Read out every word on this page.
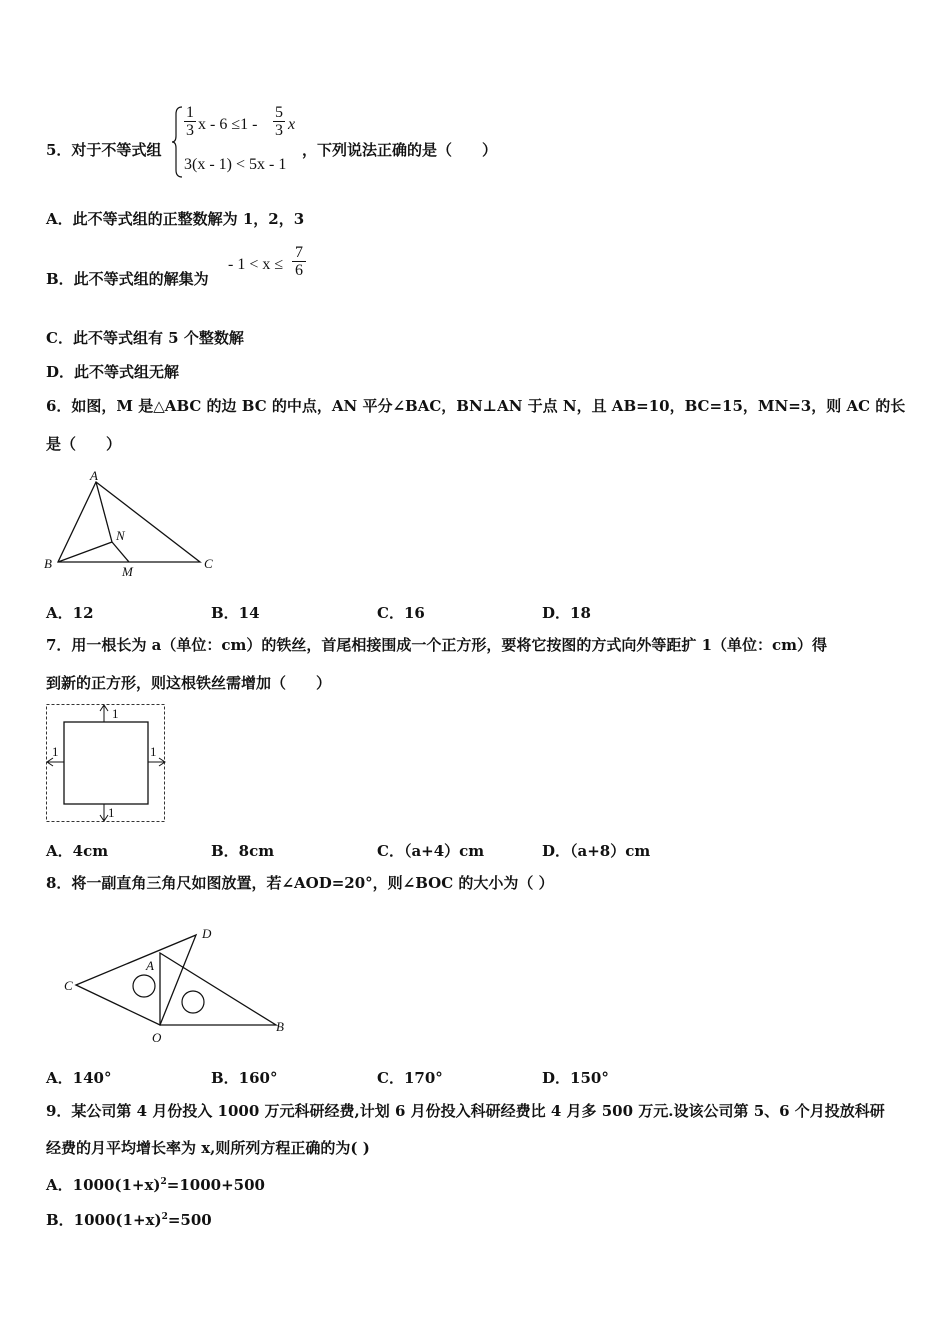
5．对于不等式组
$\frac{1}{3}$ $x - 6 \le 1 - \frac{5}{3}$ x
3(x - 1) < 5x - 1
，下列说法正确的是（　　）
A．此不等式组的正整数解为 1，2，3
B．此不等式组的解集为
- $1 < x \le \frac{7}{6}$
C．此不等式组有 5 个整数解
D．此不等式组无解
6．如图，M 是△ABC 的边 BC 的中点，AN 平分∠BAC，BN⊥AN 于点 N，且 AB=10，BC=15，MN=3，则 AC 的长
是（　　）
A
B	C
N
M
A．12	B．14	C．16	D．18
7．用一根长为 a（单位：cm）的铁丝，首尾相接围成一个正方形，要将它按图的方式向外等距扩 1（单位：cm）得
到新的正方形，则这根铁丝需增加（　　）
1
1	1
1
A．4cm	B．8cm	C．（a+4）cm	D．（a+8）cm
8．将一副直角三角尺如图放置，若∠AOD=20°，则∠BOC 的大小为（ ）
C
A
D
O
B
A．140°	B．160°	C．170°	D．150°
9．某公司第 4 月份投入 1000 万元科研经费,计划 6 月份投入科研经费比 4 月多 500 万元.设该公司第 5、6 个月投放科研
经费的月平均增长率为 x,则所列方程正确的为( )
A．$1000(1+x)^2=1000+500$
B．$1000(1+x)^2=500$
